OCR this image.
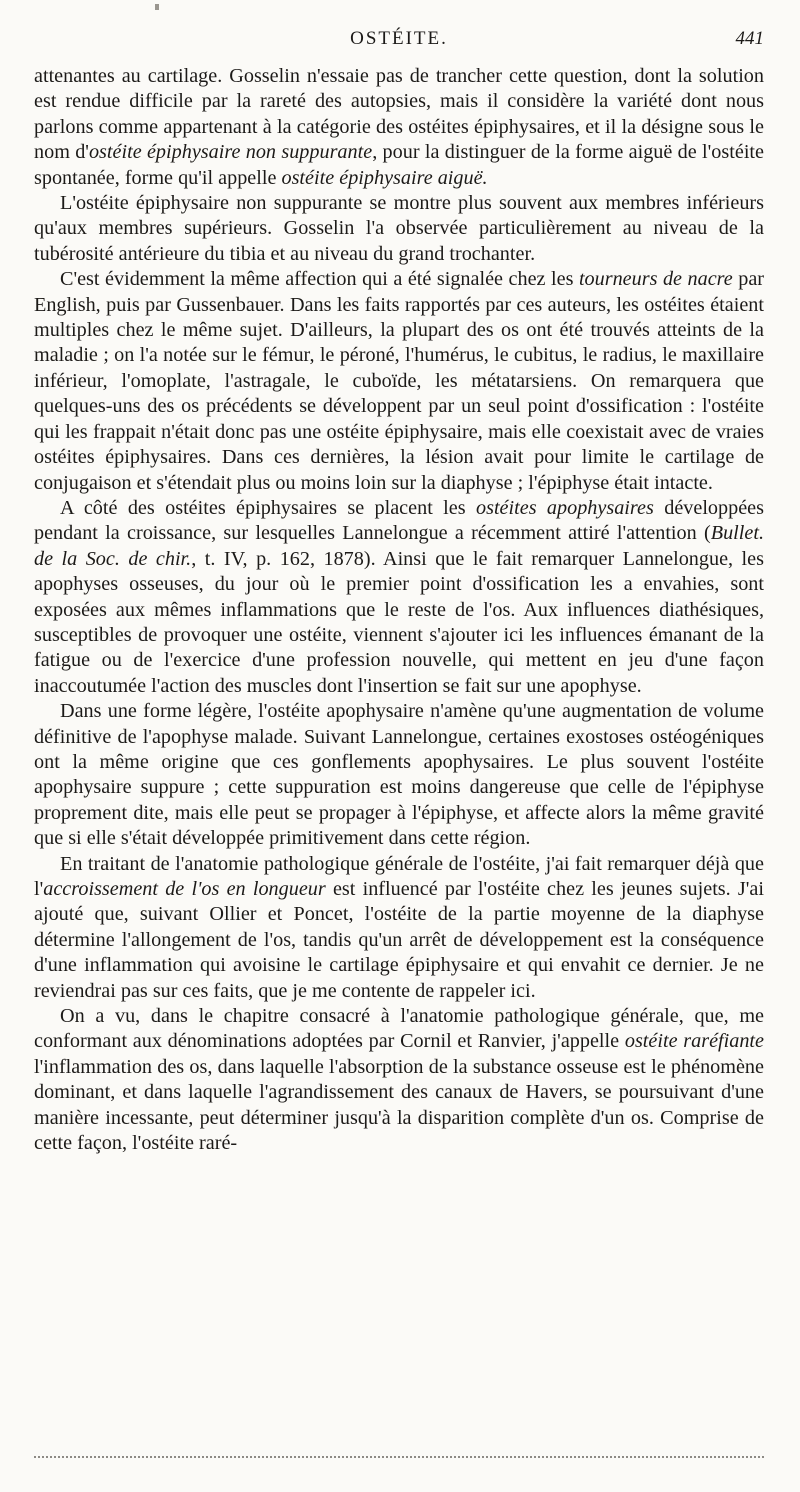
OSTÉITE.	441

attenantes au cartilage. Gosselin n'essaie pas de trancher cette question, dont la solution est rendue difficile par la rareté des autopsies, mais il considère la variété dont nous parlons comme appartenant à la catégorie des ostéites épiphysaires, et il la désigne sous le nom d'ostéite épiphysaire non suppurante, pour la distinguer de la forme aiguë de l'ostéite spontanée, forme qu'il appelle ostéite épiphysaire aiguë.

L'ostéite épiphysaire non suppurante se montre plus souvent aux membres inférieurs qu'aux membres supérieurs. Gosselin l'a observée particulièrement au niveau de la tubérosité antérieure du tibia et au niveau du grand trochanter.

C'est évidemment la même affection qui a été signalée chez les tourneurs de nacre par English, puis par Gussenbauer. Dans les faits rapportés par ces auteurs, les ostéites étaient multiples chez le même sujet. D'ailleurs, la plupart des os ont été trouvés atteints de la maladie ; on l'a notée sur le fémur, le péroné, l'humérus, le cubitus, le radius, le maxillaire inférieur, l'omoplate, l'astragale, le cuboïde, les métatarsiens. On remarquera que quelques-uns des os précédents se développent par un seul point d'ossification : l'ostéite qui les frappait n'était donc pas une ostéite épiphysaire, mais elle coexistait avec de vraies ostéites épiphysaires. Dans ces dernières, la lésion avait pour limite le cartilage de conjugaison et s'étendait plus ou moins loin sur la diaphyse ; l'épiphyse était intacte.

A côté des ostéites épiphysaires se placent les ostéites apophysaires développées pendant la croissance, sur lesquelles Lannelongue a récemment attiré l'attention (Bullet. de la Soc. de chir., t. IV, p. 162, 1878). Ainsi que le fait remarquer Lannelongue, les apophyses osseuses, du jour où le premier point d'ossification les a envahies, sont exposées aux mêmes inflammations que le reste de l'os. Aux influences diathésiques, susceptibles de provoquer une ostéite, viennent s'ajouter ici les influences émanant de la fatigue ou de l'exercice d'une profession nouvelle, qui mettent en jeu d'une façon inaccoutumée l'action des muscles dont l'insertion se fait sur une apophyse.

Dans une forme légère, l'ostéite apophysaire n'amène qu'une augmentation de volume définitive de l'apophyse malade. Suivant Lannelongue, certaines exostoses ostéogéniques ont la même origine que ces gonflements apophysaires. Le plus souvent l'ostéite apophysaire suppure ; cette suppuration est moins dangereuse que celle de l'épiphyse proprement dite, mais elle peut se propager à l'épiphyse, et affecte alors la même gravité que si elle s'était développée primitivement dans cette région.

En traitant de l'anatomie pathologique générale de l'ostéite, j'ai fait remarquer déjà que l'accroissement de l'os en longueur est influencé par l'ostéite chez les jeunes sujets. J'ai ajouté que, suivant Ollier et Poncet, l'ostéite de la partie moyenne de la diaphyse détermine l'allongement de l'os, tandis qu'un arrêt de développement est la conséquence d'une inflammation qui avoisine le cartilage épiphysaire et qui envahit ce dernier. Je ne reviendrai pas sur ces faits, que je me contente de rappeler ici.

On a vu, dans le chapitre consacré à l'anatomie pathologique générale, que, me conformant aux dénominations adoptées par Cornil et Ranvier, j'appelle ostéite raréfiante l'inflammation des os, dans laquelle l'absorption de la substance osseuse est le phénomène dominant, et dans laquelle l'agrandissement des canaux de Havers, se poursuivant d'une manière incessante, peut déterminer jusqu'à la disparition complète d'un os. Comprise de cette façon, l'ostéite raré-
